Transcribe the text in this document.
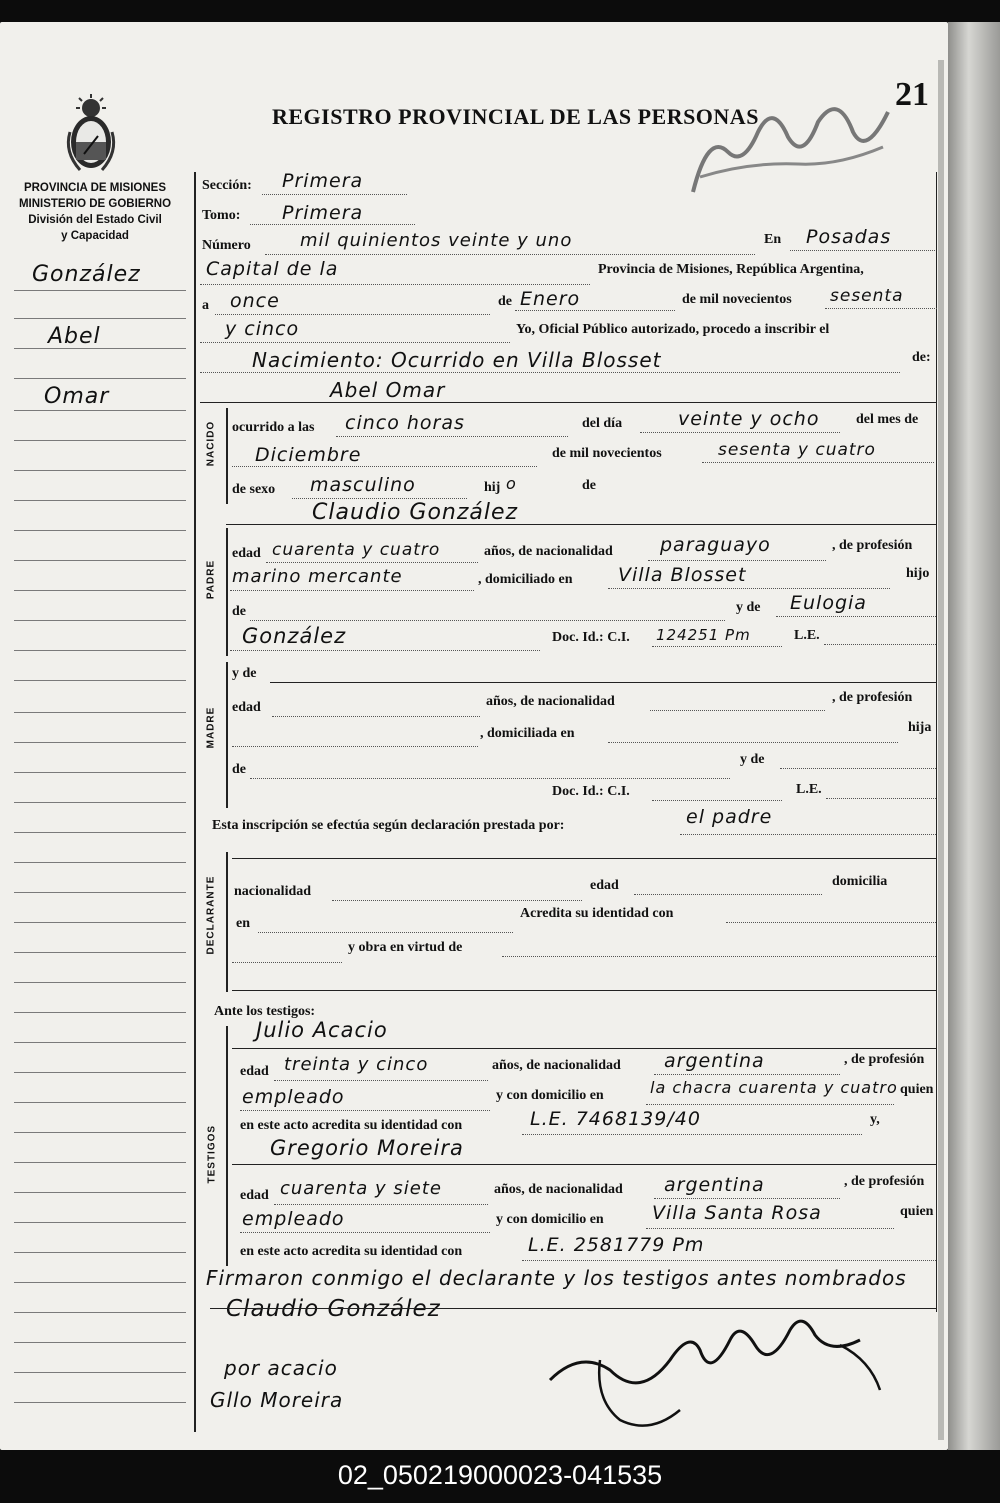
REGISTRO PROVINCIAL DE LAS PERSONAS
21
PROVINCIA DE MISIONES
MINISTERIO DE GOBIERNO
División del Estado Civil
y Capacidad
González
Abel
Omar
Sección: Primera
Tomo: Primera
Número	mil quinientos veinte y uno	En Posadas
Capital de la	Provincia de Misiones, República Argentina,
a once	de Enero	de mil novecientos sesenta
y cinco	Yo, Oficial Público autorizado, procedo a inscribir el
Nacimiento: Ocurrido en Villa Blosset	de:
Abel Omar
NACIDO ocurrido a las cinco horas	del día	veinte y ocho	del mes de
Diciembre	de mil novecientos	sesenta y cuatro
de sexo masculino	hij o	de
Claudio González
PADRE
edad cuarenta y cuatro	años, de nacionalidad paraguayo	, de profesión
marino mercante	, domiciliado en Villa Blosset	hijo
de	y de Eulogia
González	Doc. Id.: C.I. 124251 Pm	L.E.
MADRE
y de
edad	años, de nacionalidad	, de profesión
, domiciliada en	hija
de
y de
Doc. Id.: C.I.	L.E.
Esta inscripción se efectúa según declaración prestada por:	el padre
DECLARANTE nacionalidad	edad	domicilia
en
Acredita su identidad con
y obra en virtud de
Ante los testigos:
TESTIGOS
Julio Acacio
edad treinta y cinco	años, de nacionalidad argentina	, de profesión
empleado	y con domicilio en	la chacra cuarenta y cuatro quien
en este acto acredita su identidad con	L.E. 7468139/40	y,
Gregorio Moreira
edad cuarenta y siete	años, de nacionalidad argentina	, de profesión
empleado	y con domicilio en	Villa Santa Rosa	quien
en este acto acredita su identidad con	L.E. 2581779 Pm
Firmaron conmigo el declarante y los testigos antes nombrados
Claudio González
por acacio
Gllo Moreira
02_050219000023-041535
